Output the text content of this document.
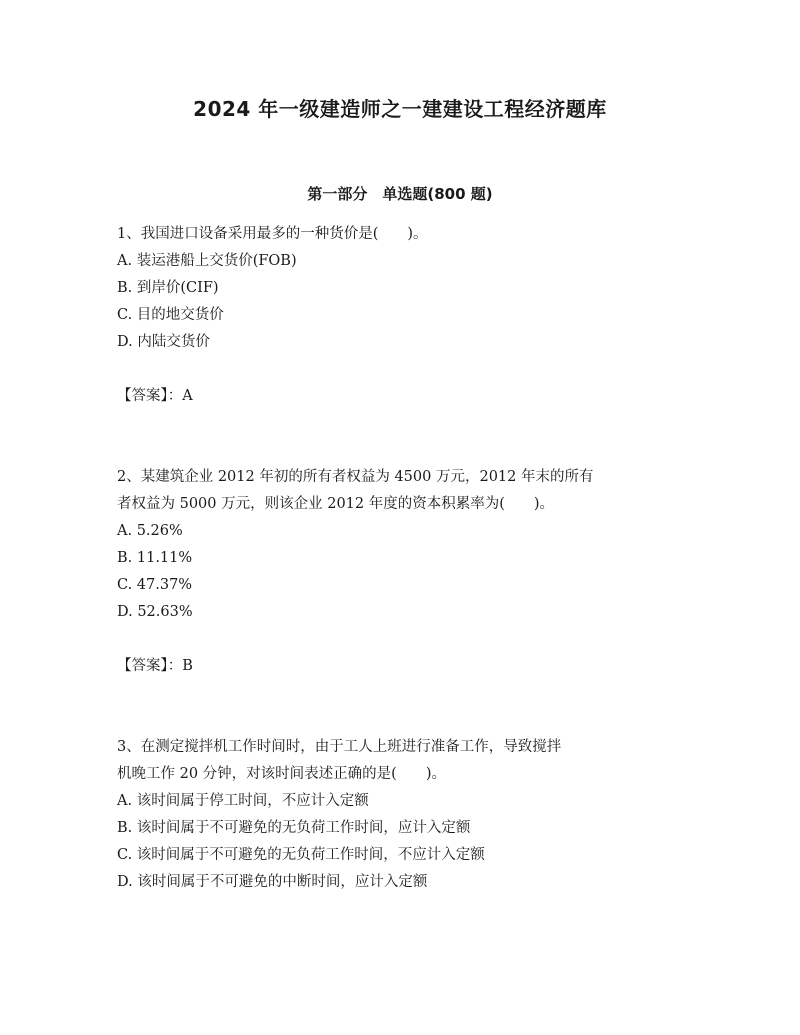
2024 年一级建造师之一建建设工程经济题库
第一部分　单选题(800 题)

1、我国进口设备采用最多的一种货价是(　　)。

A. 装运港船上交货价(FOB)

B. 到岸价(CIF)

C. 目的地交货价

D. 内陆交货价

【答案】：A

2、某建筑企业 2012 年初的所有者权益为 4500 万元，2012 年末的所有

者权益为 5000 万元，则该企业 2012 年度的资本积累率为(　　)。

A. 5.26%

B. 11.11%

C. 47.37%

D. 52.63%

【答案】：B

3、在测定搅拌机工作时间时，由于工人上班进行准备工作，导致搅拌

机晚工作 20 分钟，对该时间表述正确的是(　　)。

A. 该时间属于停工时间，不应计入定额

B. 该时间属于不可避免的无负荷工作时间，应计入定额

C. 该时间属于不可避免的无负荷工作时间，不应计入定额

D. 该时间属于不可避免的中断时间，应计入定额
